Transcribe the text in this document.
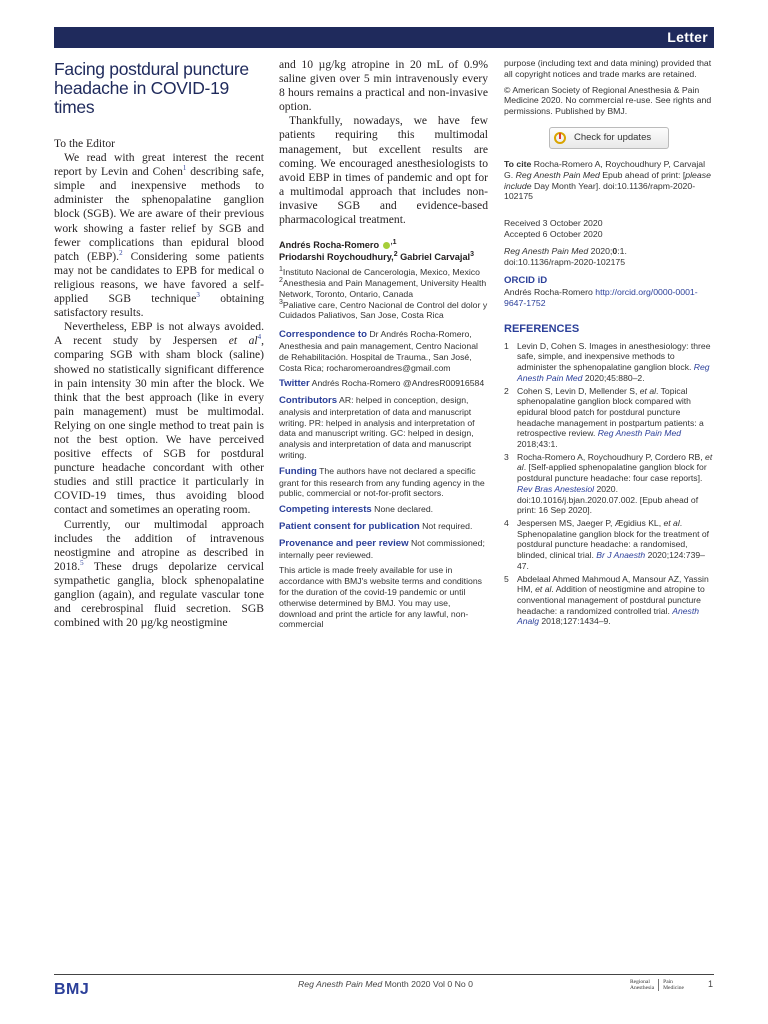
Letter
Facing postdural puncture headache in COVID-19 times

To the Editor

We read with great interest the recent report by Levin and Cohen$^1$ describing safe, simple and inexpensive methods to administer the sphenopalatine ganglion block (SGB). We are aware of their previous work showing a faster relief by SGB and fewer complications than epidural blood patch (EBP).$^2$ Considering some patients may not be candidates to EPB for medical o religious reasons, we have favored a self-applied SGB technique$^3$ obtaining satisfactory results.

Nevertheless, EBP is not always avoided. A recent study by Jespersen et $al^4$, comparing SGB with sham block (saline) showed no statistically significant difference in pain intensity 30 min after the block. We think that the best approach (like in every pain management) must be multimodal. Relying on one single method to treat pain is not the best option. We have perceived positive effects of SGB for postdural puncture headache concordant with other studies and still practice it particularly in COVID-19 times, thus avoiding blood contact and sometimes an operating room.

Currently, our multimodal approach includes the addition of intravenous neostigmine and atropine as described in 2018.$^5$ These drugs depolarize cervical sympathetic ganglia, block sphenopalatine ganglion (again), and regulate vascular tone and cerebrospinal fluid secretion. SGB combined with 20 µg/kg neostigmine

and 10 µg/kg atropine in 20 mL of 0.9% saline given over 5 min intravenously every 8 hours remains a practical and non-invasive option.

Thankfully, nowadays, we have few patients requiring this multimodal management, but excellent results are coming. We encouraged anesthesiologists to avoid EBP in times of pandemic and opt for a multimodal approach that includes non-invasive SGB and evidence-based pharmacological treatment.

Andrés Rocha-Romero $^{,1}$
Priodarshi Roychoudhury,$^2$ Gabriel Carvajal$^3$
$^1$Instituto Nacional de Cancerologia, Mexico, Mexico
$^2$Anesthesia and Pain Management, University Health Network, Toronto, Ontario, Canada
$^3$Paliative care, Centro Nacional de Control del dolor y Cuidados Paliativos, San Jose, Costa Rica

Correspondence to Dr Andrés Rocha-Romero, Anesthesia and pain management, Centro Nacional de Rehabilitación. Hospital de Trauma., San José, Costa Rica; rocharomeroandres@gmail.com

Twitter Andrés Rocha-Romero @AndresR00916584

Contributors AR: helped in conception, design, analysis and interpretation of data and manuscript writing. PR: helped in analysis and interpretation of data and manuscript writing. GC: helped in design, analysis and interpretation of data and manuscript writing.

Funding The authors have not declared a specific grant for this research from any funding agency in the public, commercial or not-for-profit sectors.

Competing interests None declared.

Patient consent for publication Not required.

Provenance and peer review Not commissioned; internally peer reviewed.

This article is made freely available for use in accordance with BMJ's website terms and conditions for the duration of the covid-19 pandemic or until otherwise determined by BMJ. You may use, download and print the article for any lawful, non-commercial

purpose (including text and data mining) provided that all copyright notices and trade marks are retained.

© American Society of Regional Anesthesia & Pain Medicine 2020. No commercial re-use. See rights and permissions. Published by BMJ.

Check for updates

To cite Rocha-Romero A, Roychoudhury P, Carvajal G. Reg Anesth Pain Med Epub ahead of print: [please include Day Month Year]. doi:10.1136/rapm-2020-102175

Received 3 October 2020

Accepted 6 October 2020

Reg Anesth Pain Med 2020;0:1.
doi:10.1136/rapm-2020-102175

ORCID iD
Andrés Rocha-Romero http://orcid.org/0000-0001-9647-1752

REFERENCES
1 Levin D, Cohen S. Images in anesthesiology: three safe, simple, and inexpensive methods to administer the sphenopalatine ganglion block. Reg Anesth Pain Med 2020;45:880–2.
2 Cohen S, Levin D, Mellender S, et al. Topical sphenopalatine ganglion block compared with epidural blood patch for postdural puncture headache management in postpartum patients: a retrospective review. Reg Anesth Pain Med 2018;43:1.
3 Rocha-Romero A, Roychoudhury P, Cordero RB, et al. [Self-applied sphenopalatine ganglion block for postdural puncture headache: four case reports]. Rev Bras Anestesiol 2020. doi:10.1016/j.bjan.2020.07.002. [Epub ahead of print: 16 Sep 2020].
4 Jespersen MS, Jaeger P, Ægidius KL, et al. Sphenopalatine ganglion block for the treatment of postdural puncture headache: a randomised, blinded, clinical trial. Br J Anaesth 2020;124:739–47.
5 Abdelaal Ahmed Mahmoud A, Mansour AZ, Yassin HM, et al. Addition of neostigmine and atropine to conventional management of postdural puncture headache: a randomized controlled trial. Anesth Analg 2018;127:1434–9.
BMJ	Reg Anesth Pain Med Month 2020 Vol 0 No 0	Regional
AnesthesiaPain
Medicine	1
